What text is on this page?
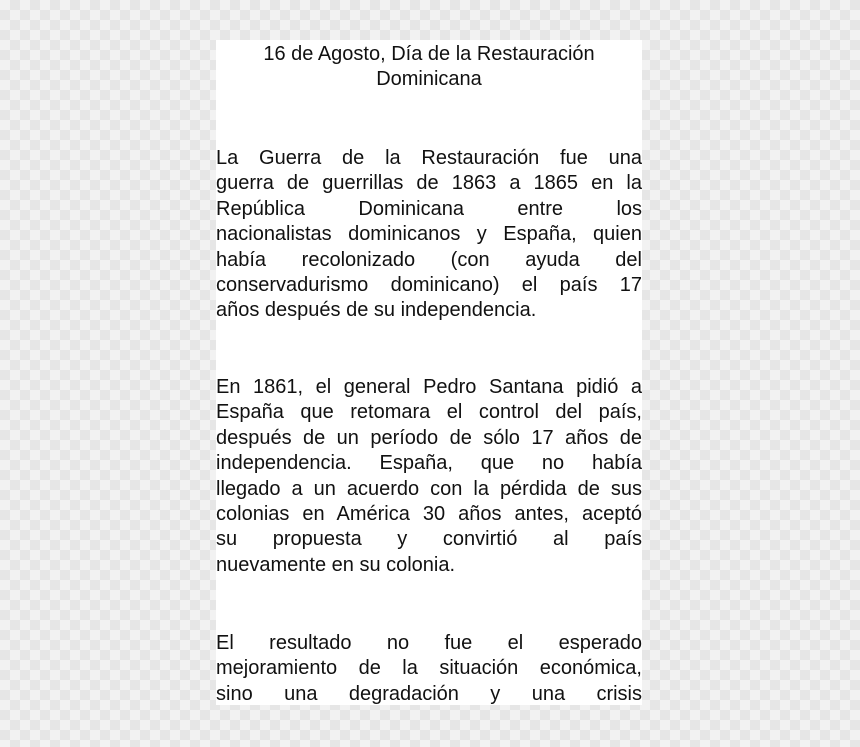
16 de Agosto, Día de la Restauración
Dominicana
La Guerra de la Restauración fue una
guerra de guerrillas de 1863 a 1865 en la
República Dominicana entre los
nacionalistas dominicanos y España, quien
había recolonizado (con ayuda del
conservadurismo dominicano) el país 17
años después de su independencia.
En 1861, el general Pedro Santana pidió a
España que retomara el control del país,
después de un período de sólo 17 años de
independencia. España, que no había
llegado a un acuerdo con la pérdida de sus
colonias en América 30 años antes, aceptó
su propuesta y convirtió al país
nuevamente en su colonia.
El resultado no fue el esperado
mejoramiento de la situación económica,
sino una degradación y una crisis
